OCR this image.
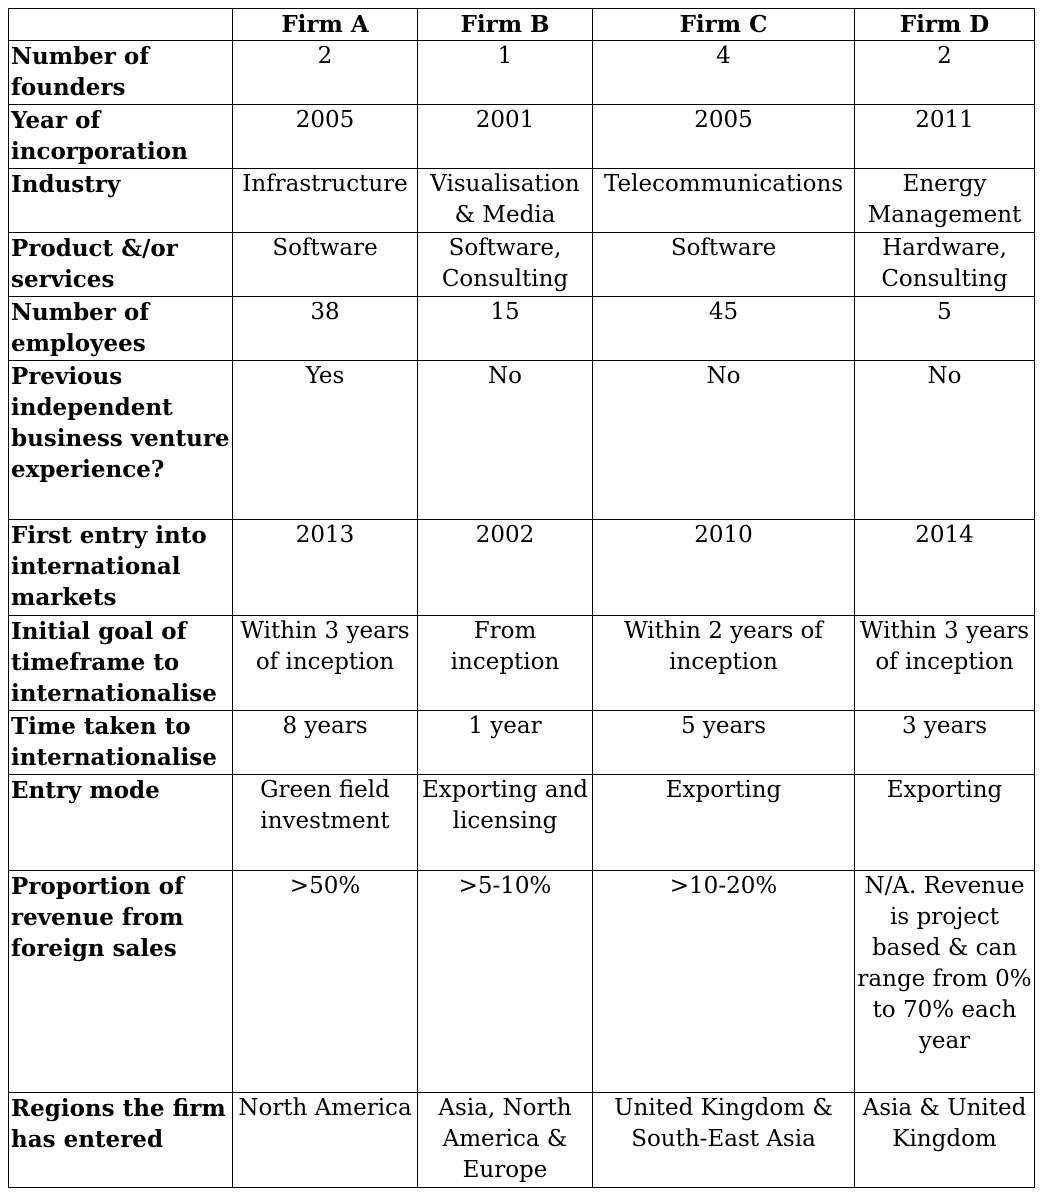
	Firm A	Firm B	Firm C	Firm D
Number of founders	2	1	4	2
Year of incorporation	2005	2001	2005	2011
Industry	Infrastructure	Visualisation & Media	Telecommunications	Energy Management
Product &/or services	Software	Software, Consulting	Software	Hardware, Consulting
Number of employees	38	15	45	5
Previous independent business venture experience?	Yes	No	No	No
First entry into international markets	2013	2002	2010	2014
Initial goal of timeframe to internationalise	Within 3 years of inception	From inception	Within 2 years of inception	Within 3 years of inception
Time taken to internationalise	8 years	1 year	5 years	3 years
Entry mode	Green field investment	Exporting and licensing	Exporting	Exporting
Proportion of revenue from foreign sales	>50%	>5-10%	>10-20%	N/A. Revenue is project based & can range from 0% to 70% each year
Regions the firm has entered	North America	Asia, North America & Europe	United Kingdom & South-East Asia	Asia & United Kingdom
